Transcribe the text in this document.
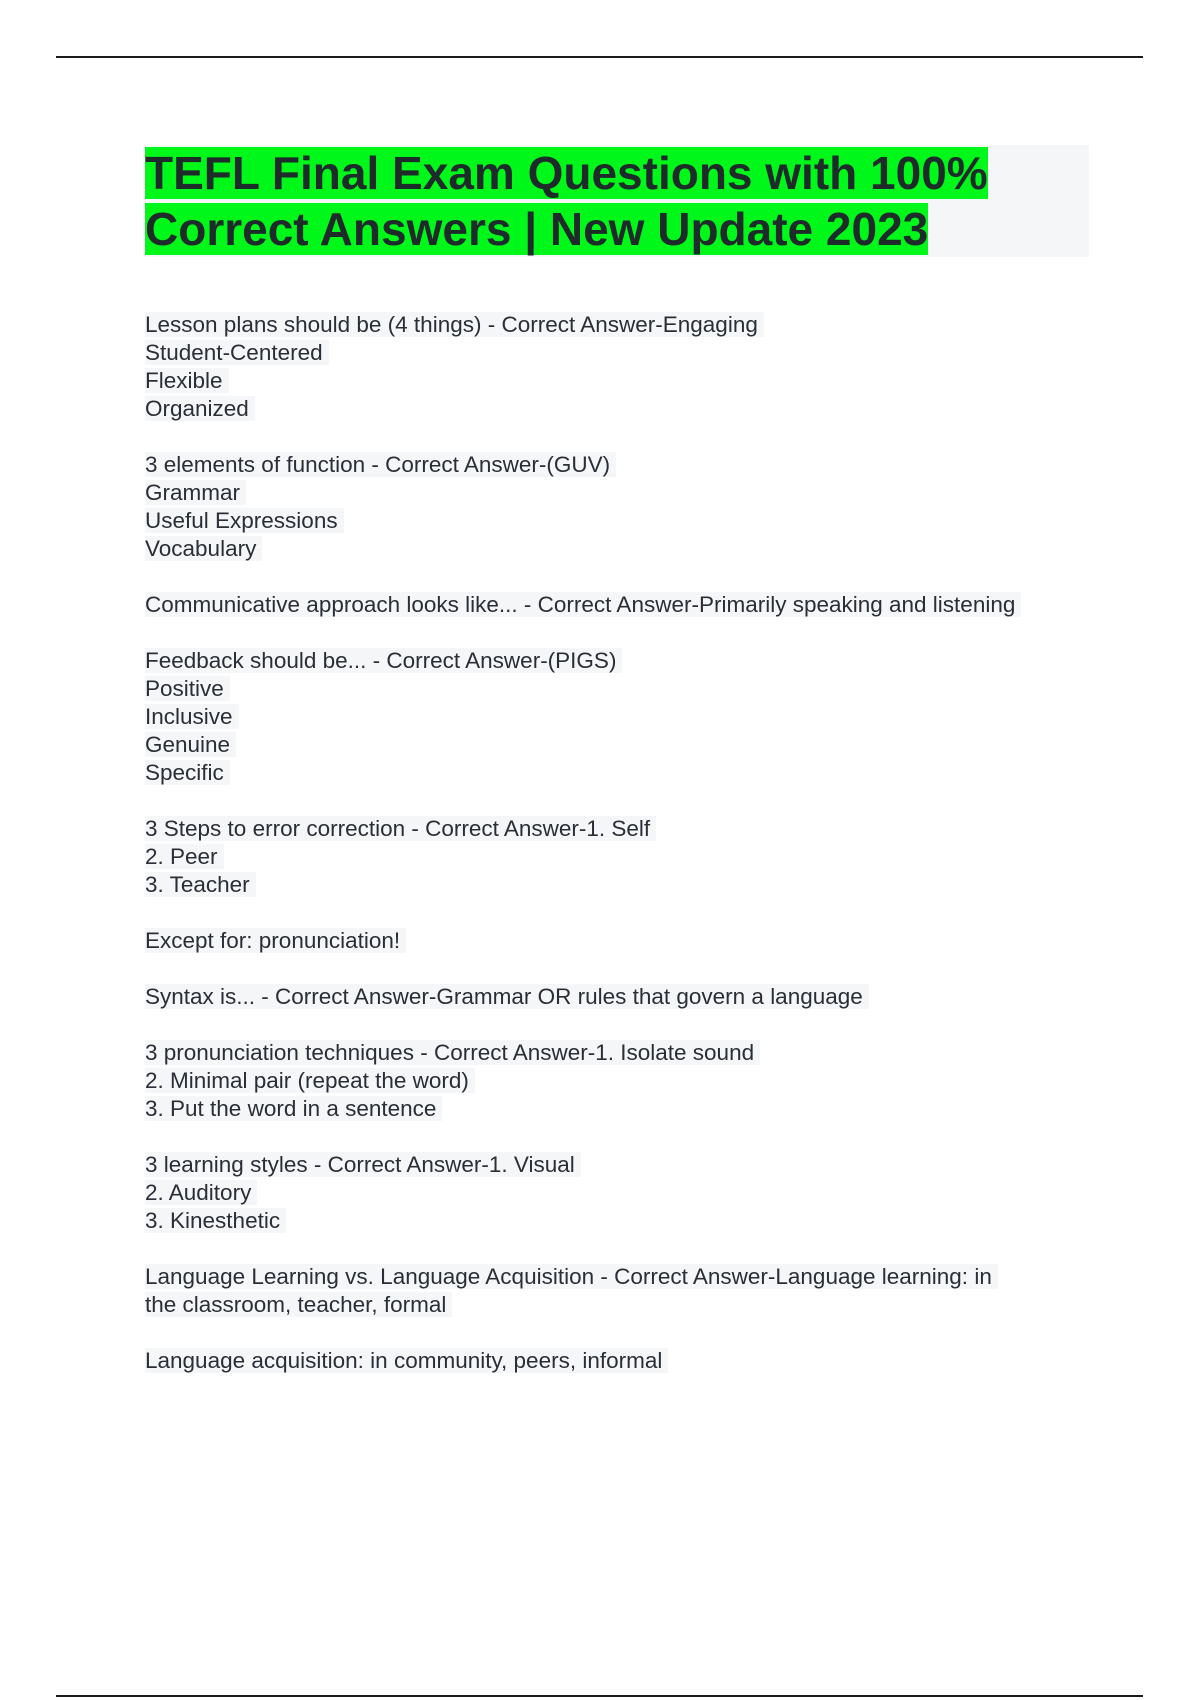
TEFL Final Exam Questions with 100%
Correct Answers | New Update 2023
Lesson plans should be (4 things) - Correct Answer-Engaging
Student-Centered
Flexible
Organized
3 elements of function - Correct Answer-(GUV)
Grammar
Useful Expressions
Vocabulary
Communicative approach looks like... - Correct Answer-Primarily speaking and listening
Feedback should be... - Correct Answer-(PIGS)
Positive
Inclusive
Genuine
Specific
3 Steps to error correction - Correct Answer-1. Self
2. Peer
3. Teacher
Except for: pronunciation!
Syntax is... - Correct Answer-Grammar OR rules that govern a language
3 pronunciation techniques - Correct Answer-1. Isolate sound
2. Minimal pair (repeat the word)
3. Put the word in a sentence
3 learning styles - Correct Answer-1. Visual
2. Auditory
3. Kinesthetic
Language Learning vs. Language Acquisition - Correct Answer-Language learning: in
the classroom, teacher, formal
Language acquisition: in community, peers, informal
